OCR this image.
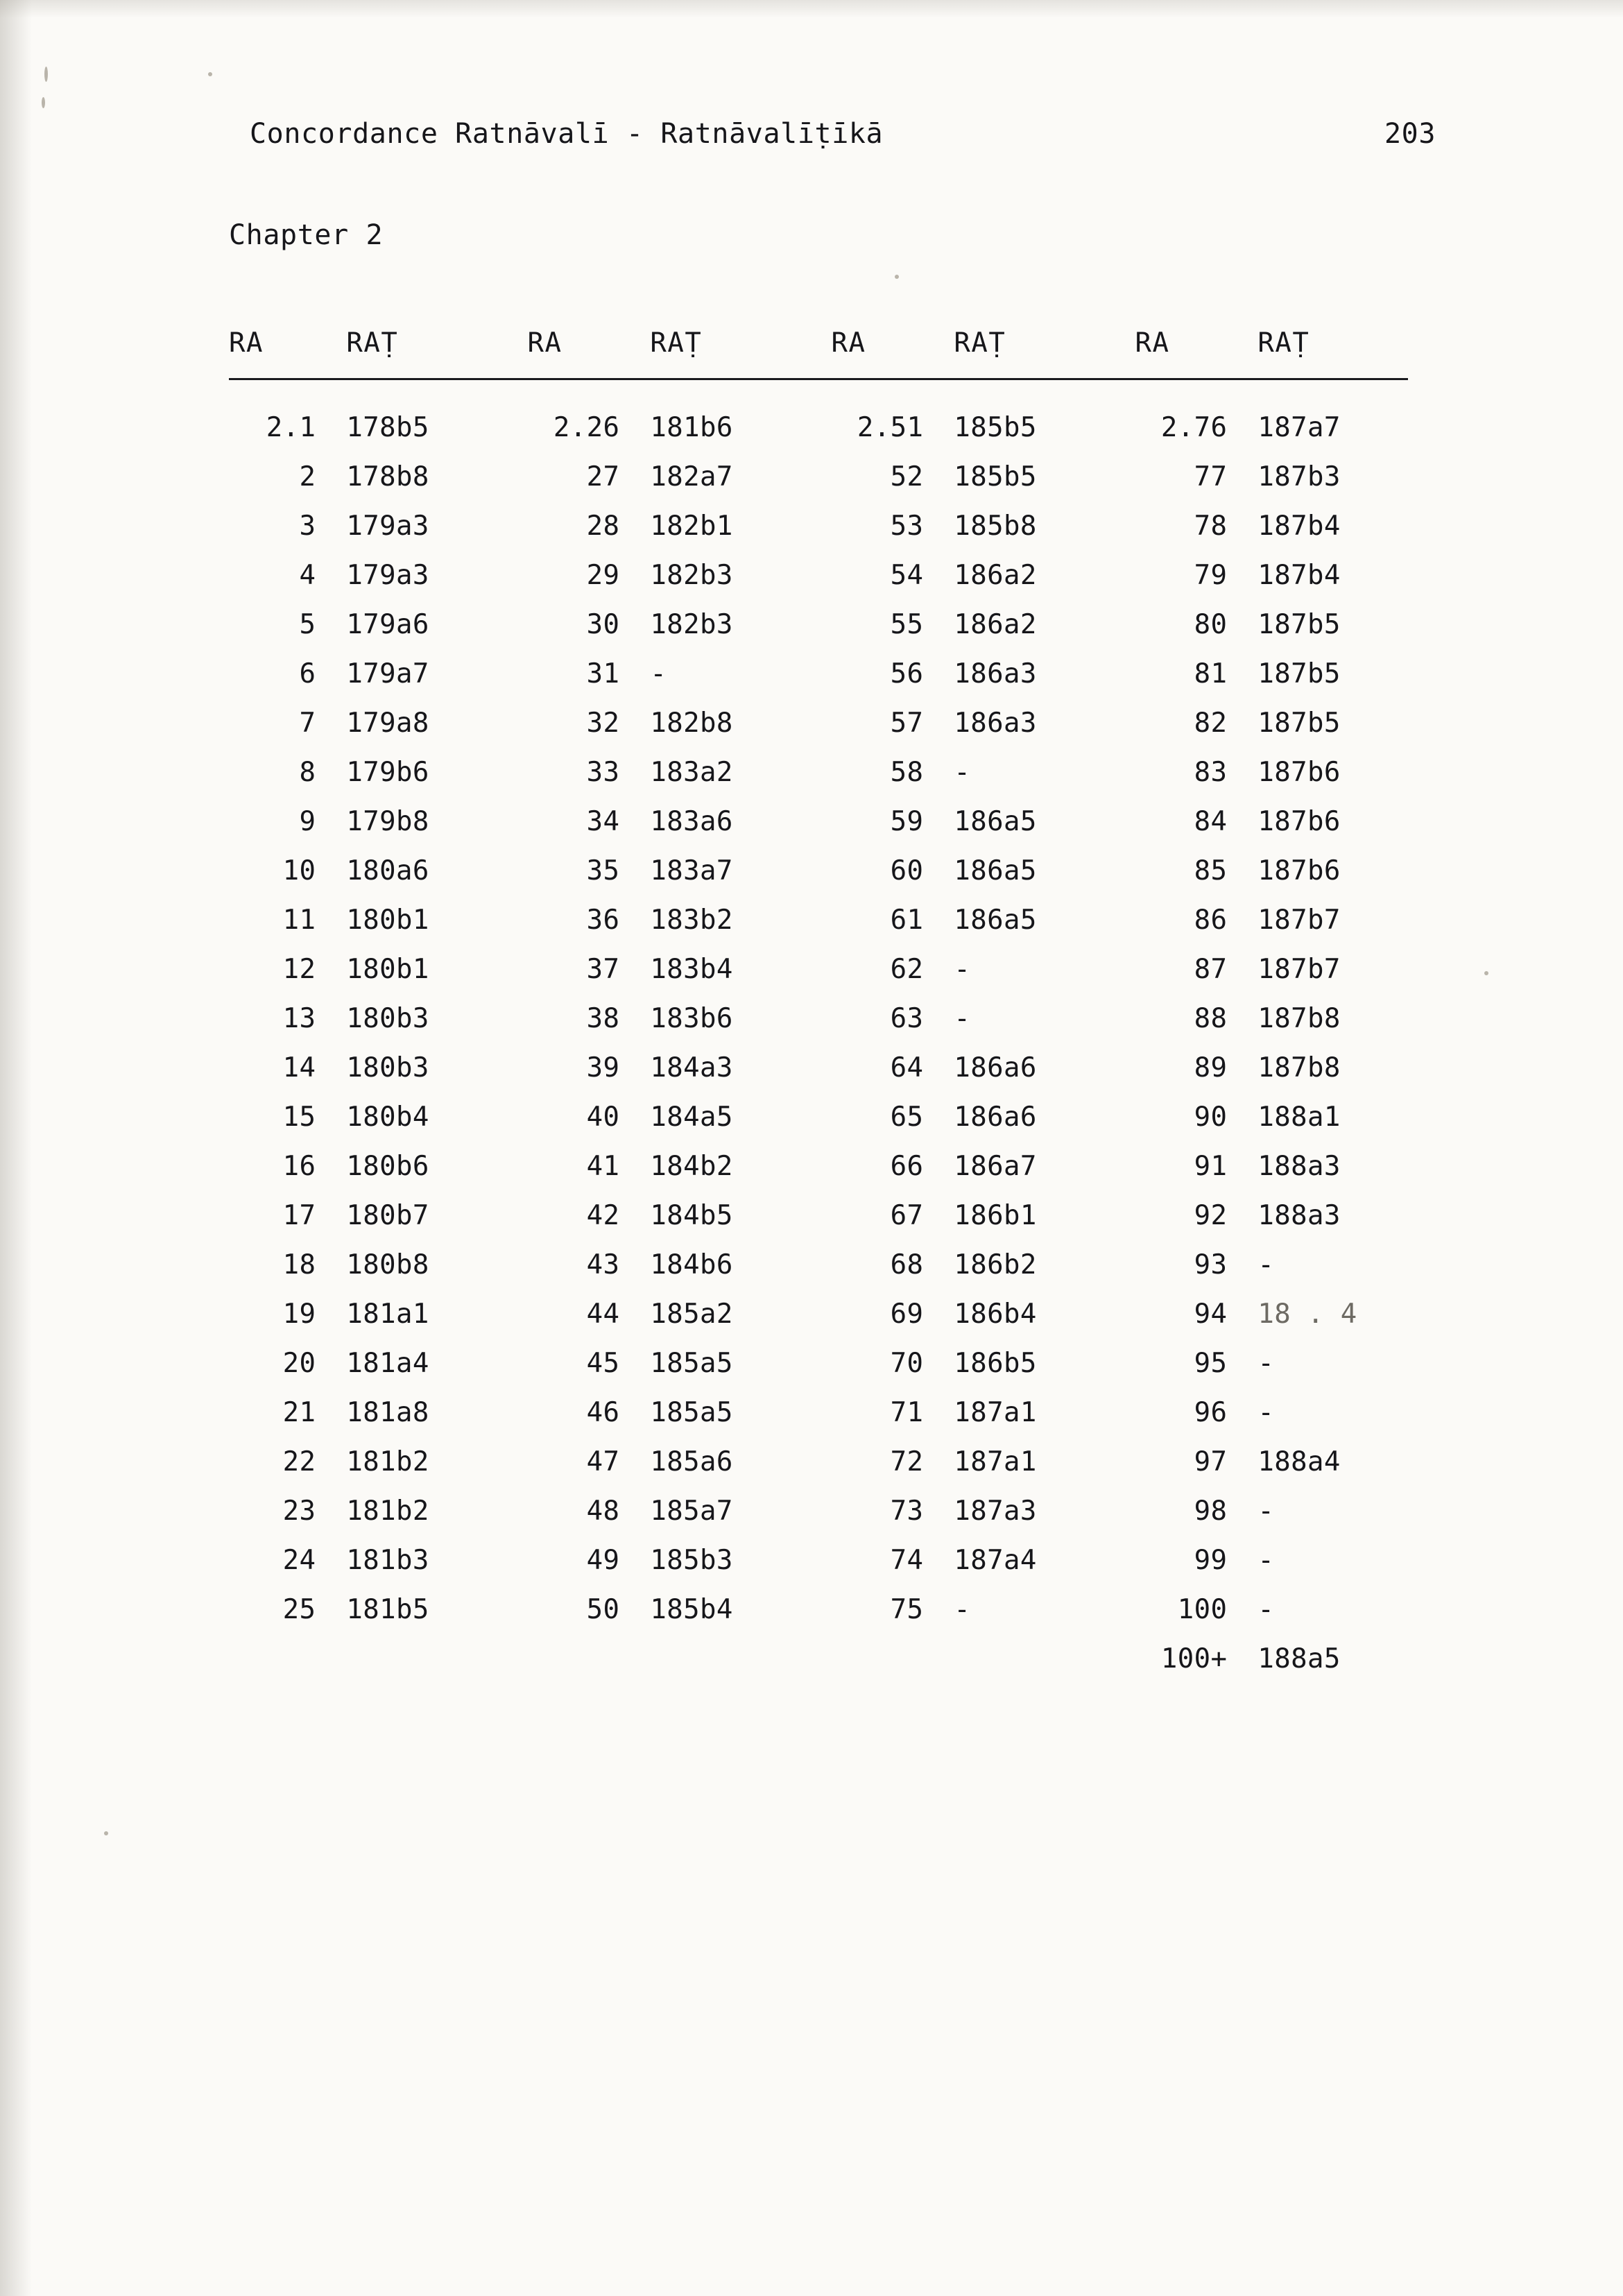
Concordance Ratnāvalī - Ratnāvalīṭīkā	203
Chapter 2
RA	RAṬ		RA	RAṬ		RA	RAṬ		RA	RAṬ
2.1	178b5		2.26	181b6		2.51	185b5		2.76	187a7
2	178b8		27	182a7		52	185b5		77	187b3
3	179a3		28	182b1		53	185b8		78	187b4
4	179a3		29	182b3		54	186a2		79	187b4
5	179a6		30	182b3		55	186a2		80	187b5
6	179a7		31	-		56	186a3		81	187b5
7	179a8		32	182b8		57	186a3		82	187b5
8	179b6		33	183a2		58	-		83	187b6
9	179b8		34	183a6		59	186a5		84	187b6
10	180a6		35	183a7		60	186a5		85	187b6
11	180b1		36	183b2		61	186a5		86	187b7
12	180b1		37	183b4		62	-		87	187b7
13	180b3		38	183b6		63	-		88	187b8
14	180b3		39	184a3		64	186a6		89	187b8
15	180b4		40	184a5		65	186a6		90	188a1
16	180b6		41	184b2		66	186a7		91	188a3
17	180b7		42	184b5		67	186b1		92	188a3
18	180b8		43	184b6		68	186b2		93	-
19	181a1		44	185a2		69	186b4		94	18 . 4
20	181a4		45	185a5		70	186b5		95	-
21	181a8		46	185a5		71	187a1		96	-
22	181b2		47	185a6		72	187a1		97	188a4
23	181b2		48	185a7		73	187a3		98	-
24	181b3		49	185b3		74	187a4		99	-
25	181b5		50	185b4		75	-		100	-
									100+	188a5
